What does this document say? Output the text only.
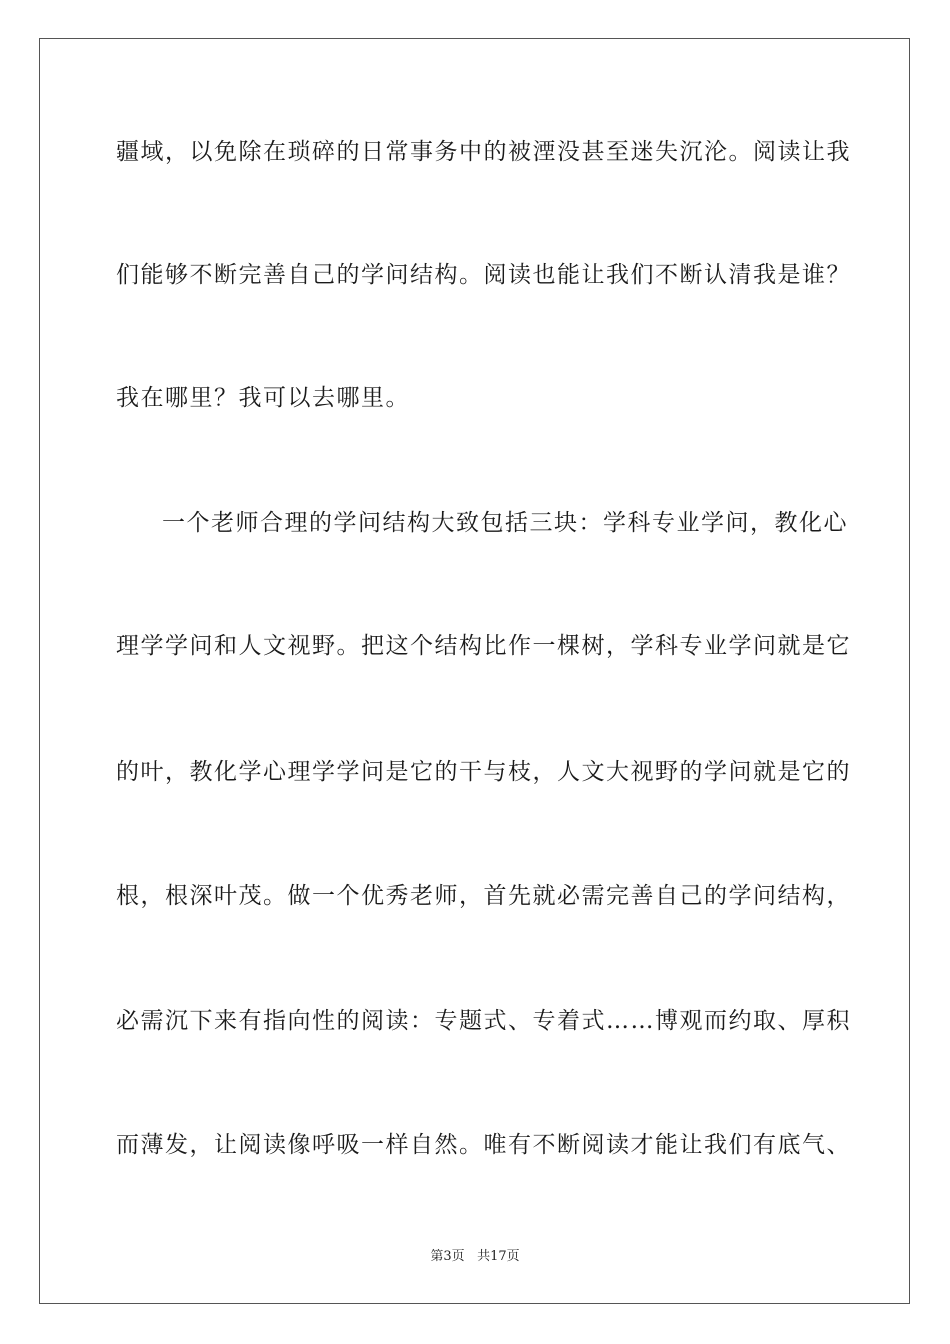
疆域，以免除在琐碎的日常事务中的被湮没甚至迷失沉沦。阅读让我
们能够不断完善自己的学问结构。阅读也能让我们不断认清我是谁？
我在哪里？我可以去哪里。
一个老师合理的学问结构大致包括三块：学科专业学问，教化心
理学学问和人文视野。把这个结构比作一棵树，学科专业学问就是它
的叶，教化学心理学学问是它的干与枝，人文大视野的学问就是它的
根，根深叶茂。做一个优秀老师，首先就必需完善自己的学问结构，
必需沉下来有指向性的阅读：专题式、专着式……博观而约取、厚积
而薄发，让阅读像呼吸一样自然。唯有不断阅读才能让我们有底气、
第3页 共17页
